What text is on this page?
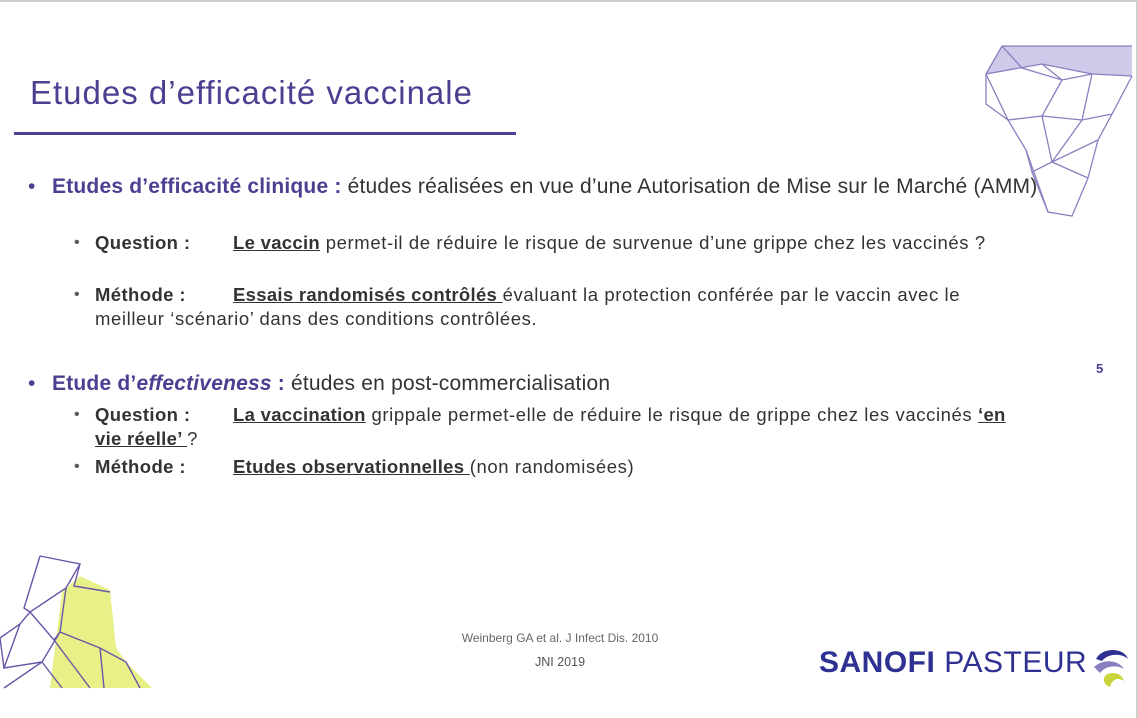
Etudes d’efficacité vaccinale
• Etudes d’efficacité clinique : études réalisées en vue d’une Autorisation de Mise sur le Marché (AMM)
• Question : Le vaccin permet-il de réduire le risque de survenue d’une grippe chez les vaccinés ?
• Méthode :	Essais randomisés contrôlés évaluant la protection conférée par le vaccin avec le meilleur ‘scénario’ dans des conditions contrôlées.
• Etude d’effectiveness : études en post-commercialisation
• Question : La vaccination grippale permet-elle de réduire le risque de grippe chez les vaccinés ‘en vie réelle’ ?
• Méthode :	Etudes observationnelles (non randomisées)
5
Weinberg GA et al. J Infect Dis. 2010
JNI 2019	SANOFI PASTEUR
